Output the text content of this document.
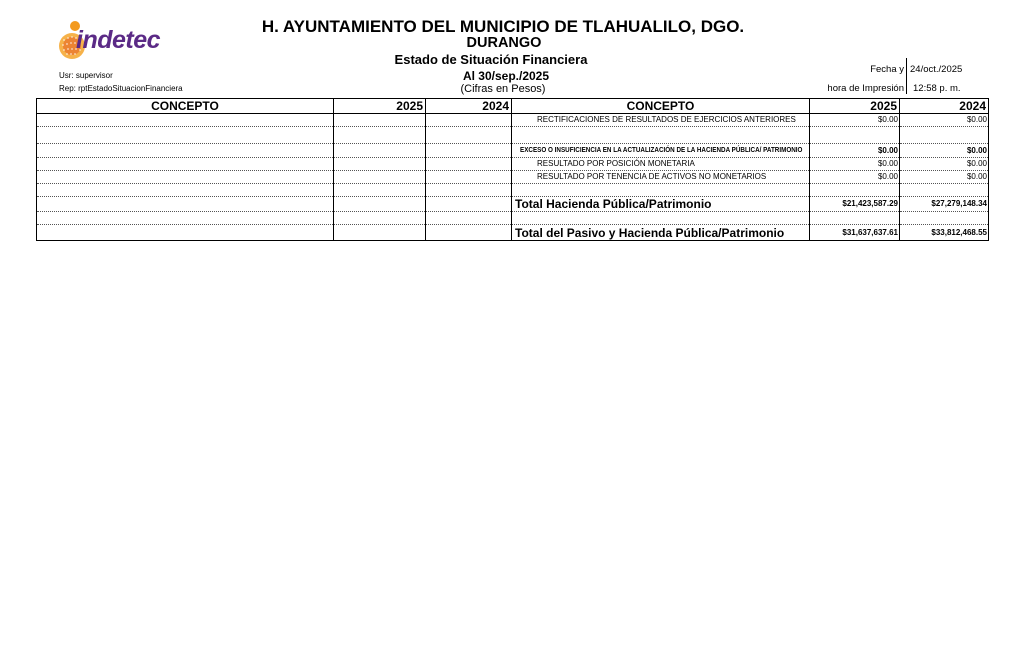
indetec	H. AYUNTAMIENTO DEL MUNICIPIO DE TLAHUALILO, DGO.
DURANGO
Estado de Situación Financiera
Al 30/sep./2025
(Cifras en Pesos)
Usr: supervisor
Rep: rptEstadoSituacionFinanciera
Fecha y 24/oct./2025
hora de Impresión 12:58 p. m.
CONCEPTO	2025	2024	CONCEPTO	2025	2024
			RECTIFICACIONES DE RESULTADOS DE EJERCICIOS ANTERIORES	$0.00	$0.00

			EXCESO O INSUFICIENCIA EN LA ACTUALIZACIÓN DE LA HACIENDA PÚBLICA/ PATRIMONIO	$0.00	$0.00
			RESULTADO POR POSICIÓN MONETARIA	$0.00	$0.00
			RESULTADO POR TENENCIA DE ACTIVOS NO MONETARIOS	$0.00	$0.00

			Total Hacienda Pública/Patrimonio	$21,423,587.29	$27,279,148.34

			Total del Pasivo y Hacienda Pública/Patrimonio	$31,637,637.61	$33,812,468.55
